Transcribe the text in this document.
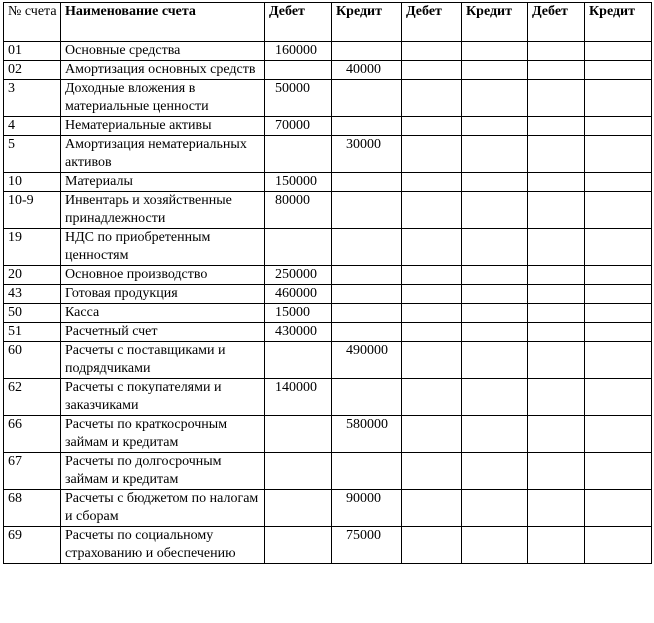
№ счета	Наименование счета	Дебет	Кредит	Дебет	Кредит	Дебет	Кредит
01	Основные средства	160000					
02	Амортизация основных средств		40000				
3	Доходные вложения в материальные ценности	50000					
4	Нематериальные активы	70000					
5	Амортизация нематериальных активов		30000				
10	Материалы	150000					
10-9	Инвентарь и хозяйственные принадлежности	80000					
19	НДС по приобретенным ценностям						
20	Основное производство	250000					
43	Готовая продукция	460000					
50	Касса	15000					
51	Расчетный счет	430000					
60	Расчеты с поставщиками и подрядчиками		490000				
62	Расчеты с покупателями и заказчиками	140000					
66	Расчеты по краткосрочным займам и кредитам		580000				
67	Расчеты по долгосрочным займам и кредитам						
68	Расчеты с бюджетом по налогам и сборам		90000				
69	Расчеты по социальному страхованию и обеспечению		75000				
